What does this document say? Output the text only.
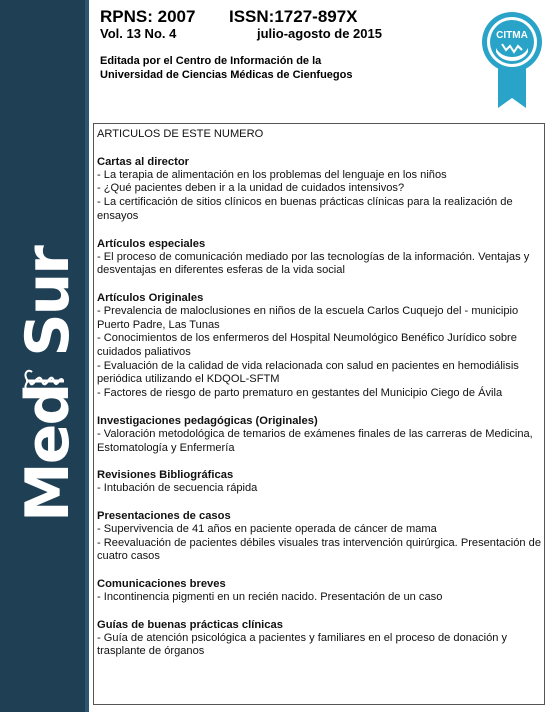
MedSur
RPNS: 2007 ISSN:1727-897X
Vol. 13 No. 4	julio-agosto de 2015
Editada por el Centro de Información de la
Universidad de Ciencias Médicas de Cienfuegos
CITMA
ARTICULOS DE ESTE NUMERO
Cartas al director
- La terapia de alimentación en los problemas del lenguaje en los niños
- ¿Qué pacientes deben ir a la unidad de cuidados intensivos?
- La certificación de sitios clínicos en buenas prácticas clínicas para la realización de ensayos
Artículos especiales
- El proceso de comunicación mediado por las tecnologías de la información. Ventajas y desventajas en diferentes esferas de la vida social
Artículos Originales
- Prevalencia de maloclusiones en niños de la escuela Carlos Cuquejo del - municipio Puerto Padre, Las Tunas
- Conocimientos de los enfermeros del Hospital Neumológico Benéfico Jurídico sobre cuidados paliativos
- Evaluación de la calidad de vida relacionada con salud en pacientes en hemodiálisis periódica utilizando el KDQOL-SFTM
- Factores de riesgo de parto prematuro en gestantes del Municipio Ciego de Ávila
Investigaciones pedagógicas (Originales)
- Valoración metodológica de temarios de exámenes finales de las carreras de Medicina, Estomatología y Enfermería
Revisiones Bibliográficas
- Intubación de secuencia rápida
Presentaciones de casos
- Supervivencia de 41 años en paciente operada de cáncer de mama
- Reevaluación de pacientes débiles visuales tras intervención quirúrgica. Presentación de cuatro casos
Comunicaciones breves
- Incontinencia pigmenti en un recién nacido. Presentación de un caso
Guías de buenas prácticas clínicas
- Guía de atención psicológica a pacientes y familiares en el proceso de donación y trasplante de órganos
